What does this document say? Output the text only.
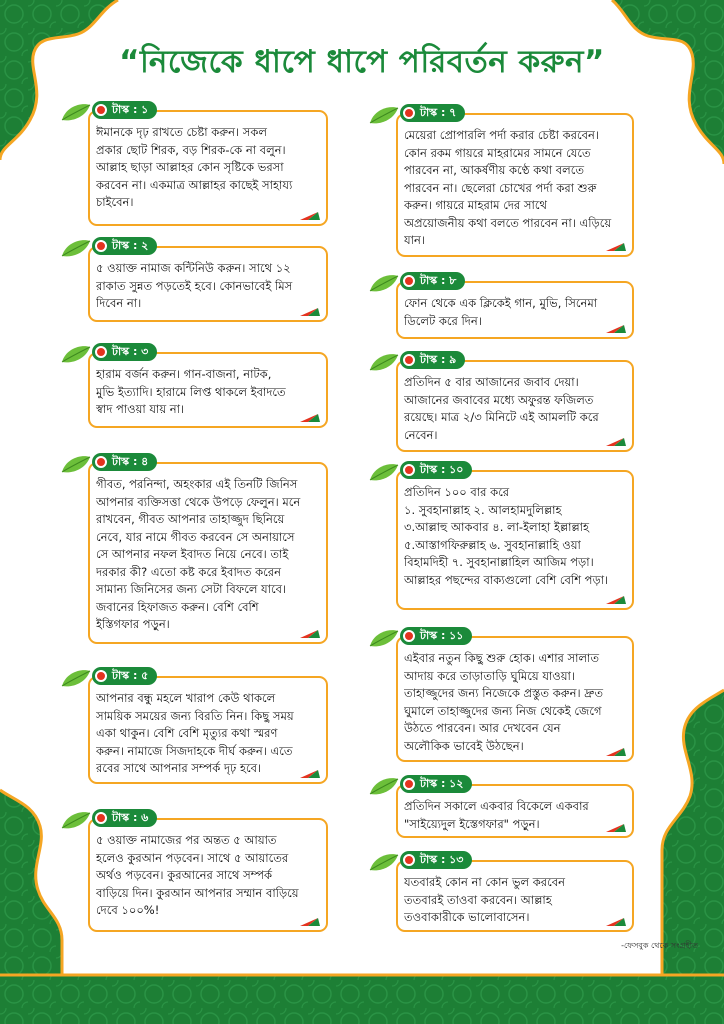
“নিজেকে ধাপে ধাপে পরিবর্তন করুন”
টাস্ক : ১
ঈমানকে দৃঢ় রাখতে চেষ্টা করুন। সকল
প্রকার ছোট শিরক, বড় শিরক-কে না বলুন।
আল্লাহ ছাড়া আল্লাহর কোন সৃষ্টিকে ভরসা
করবেন না। একমাত্র আল্লাহর কাছেই সাহায্য
চাইবেন।
টাস্ক : ২
৫ ওয়াক্ত নামাজ কন্টিনিউ করুন। সাথে ১২
রাকাত সুন্নত পড়তেই হবে। কোনভাবেই মিস
দিবেন না।
টাস্ক : ৩
হারাম বর্জন করুন। গান-বাজনা, নাটক,
মুভি ইত্যাদি। হারামে লিপ্ত থাকলে ইবাদতে
স্বাদ পাওয়া যায় না।
টাস্ক : ৪
গীবত, পরনিন্দা, অহংকার এই তিনটি জিনিস
আপনার ব্যক্তিসত্তা থেকে উপড়ে ফেলুন। মনে
রাখবেন, গীবত আপনার তাহাজ্জুদ ছিনিয়ে
নেবে, যার নামে গীবত করবেন সে অনায়াসে
সে আপনার নফল ইবাদত নিয়ে নেবে। তাই
দরকার কী? এতো কষ্ট করে ইবাদত করেন
সামান্য জিনিসের জন্য সেটা বিফলে যাবে।
জবানের হিফাজত করুন। বেশি বেশি
ইস্তিগফার পড়ুন।
টাস্ক : ৫
আপনার বন্ধু মহলে খারাপ কেউ থাকলে
সাময়িক সময়ের জন্য বিরতি নিন। কিছু সময়
একা থাকুন। বেশি বেশি মৃত্যুর কথা স্মরণ
করুন। নামাজে সিজদাহকে দীর্ঘ করুন। এতে
রবের সাথে আপনার সম্পর্ক দৃঢ় হবে।
টাস্ক : ৬
৫ ওয়াক্ত নামাজের পর অন্তত ৫ আয়াত
হলেও কুরআন পড়বেন। সাথে ৫ আয়াতের
অর্থও পড়বেন। কুরআনের সাথে সম্পর্ক
বাড়িয়ে দিন। কুরআন আপনার সম্মান বাড়িয়ে
দেবে ১০০%!
টাস্ক : ৭
মেয়েরা প্রোপারলি পর্দা করার চেষ্টা করবেন।
কোন রকম গায়রে মাহরামের সামনে যেতে
পারবেন না, আকর্ষণীয় কণ্ঠে কথা বলতে
পারবেন না। ছেলেরা চোখের পর্দা করা শুরু
করুন। গায়রে মাহরাম দের সাথে
অপ্রয়োজনীয় কথা বলতে পারবেন না। এড়িয়ে
যান।
টাস্ক : ৮
ফোন থেকে এক ক্লিকেই গান, মুভি, সিনেমা
ডিলেট করে দিন।
টাস্ক : ৯
প্রতিদিন ৫ বার আজানের জবাব দেয়া।
আজানের জবাবের মধ্যে অফুরন্ত ফজিলত
রয়েছে। মাত্র ২/৩ মিনিটে এই আমলটি করে
নেবেন।
টাস্ক : ১০
প্রতিদিন ১০০ বার করে
১. সুবহানাল্লাহ ২. আলহামদুলিল্লাহ
৩.আল্লাহু আকবার ৪. লা-ইলাহা ইল্লাল্লাহ
৫.আস্তাগফিরুল্লাহ ৬. সুবহানাল্লাহি ওয়া
বিহামদিহী ৭. সুবহানাল্লাহিল আজিম পড়া।
আল্লাহর পছন্দের বাক্যগুলো বেশি বেশি পড়া।
টাস্ক : ১১
এইবার নতুন কিছু শুরু হোক। এশার সালাত
আদায় করে তাড়াতাড়ি ঘুমিয়ে যাওয়া।
তাহাজ্জুদের জন্য নিজেকে প্রস্তুত করুন। দ্রুত
ঘুমালে তাহাজ্জুদের জন্য নিজ থেকেই জেগে
উঠতে পারবেন। আর দেখবেন যেন
অলৌকিক ভাবেই উঠছেন।
টাস্ক : ১২
প্রতিদিন সকালে একবার বিকেলে একবার
"সাইয়্যেদুল ইস্তেগফার" পড়ুন।
টাস্ক : ১৩
যতবারই কোন না কোন ভুল করবেন
ততবারই তাওবা করবেন। আল্লাহ
তওবাকারীকে ভালোবাসেন।
-ফেসবুক থেকে সংগ্রহীত
